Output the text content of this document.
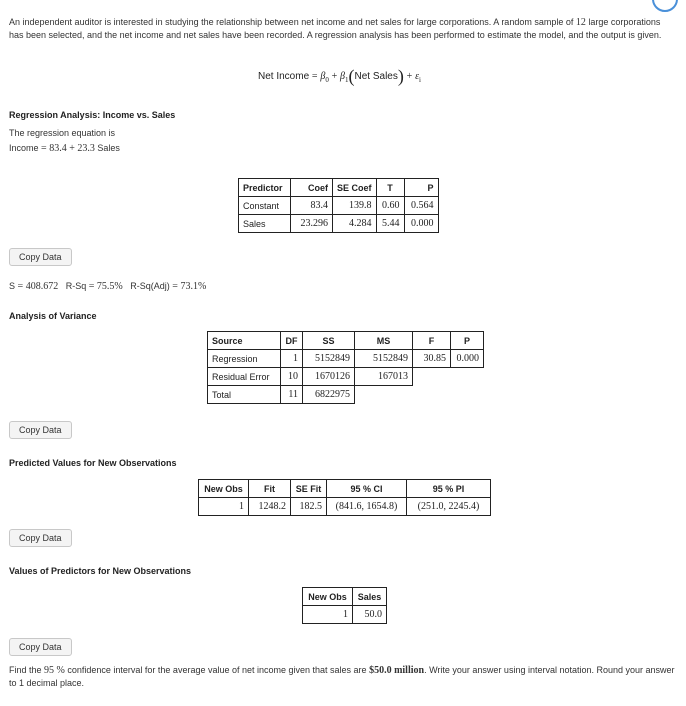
An independent auditor is interested in studying the relationship between net income and net sales for large corporations. A random sample of 12 large corporations has been selected, and the net income and net sales have been recorded. A regression analysis has been performed to estimate the model, and the output is given.
Net Income = $\beta_0 + \beta_1(Net$ Sales) + $\varepsilon_i$
Regression Analysis: Income vs. Sales
The regression equation is
Income = 83.4 + 23.3 Sales
Predictor	Coef	SE Coef	T	P
Constant	83.4	139.8	0.60	0.564
Sales	23.296	4.284	5.44	0.000
Copy Data
S = 408.672 R-Sq = 75.5% R-Sq(Adj) = 73.1%
Analysis of Variance
Source	DF	SS	MS	F	P
Regression	1	5152849	5152849	30.85	0.000
Residual Error	10	1670126	167013		
Total	11	6822975			
Copy Data
Predicted Values for New Observations
New Obs	Fit	SE Fit	95 % CI	95 % PI
1	1248.2	182.5	(841.6, 1654.8)	(251.0, 2245.4)
Copy Data
Values of Predictors for New Observations
New Obs	Sales
1	50.0
Copy Data
Find the 95 % confidence interval for the average value of net income given that sales are $50.0 million. Write your answer using interval notation. Round your answer to 1 decimal place.
